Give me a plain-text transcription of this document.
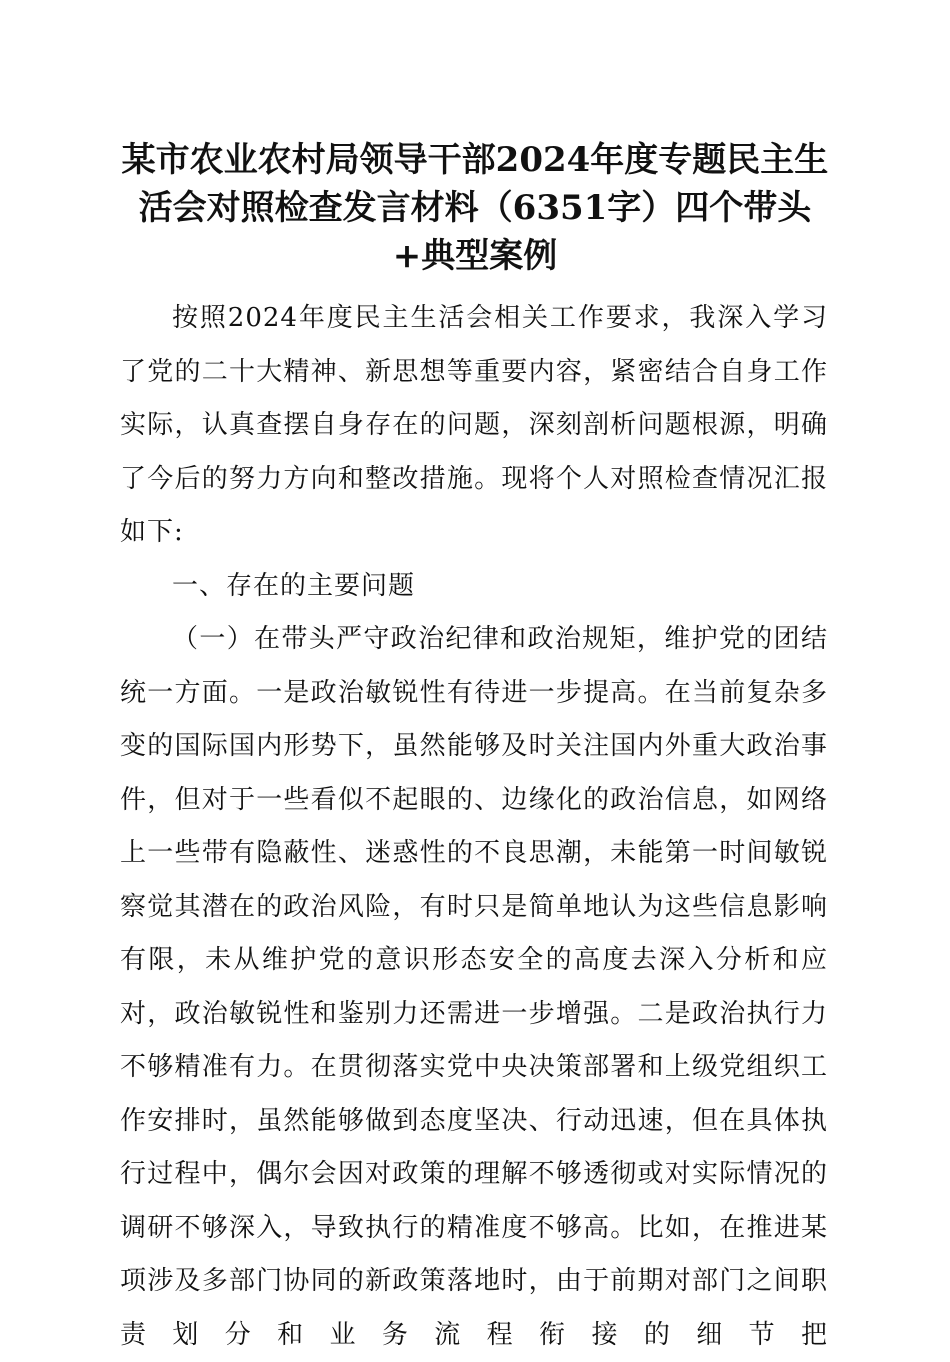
某市农业农村局领导干部2024年度专题民主生活会对照检查发言材料（6351字）四个带头+典型案例

按照2024年度民主生活会相关工作要求，我深入学习了党的二十大精神、新思想等重要内容，紧密结合自身工作实际，认真查摆自身存在的问题，深刻剖析问题根源，明确了今后的努力方向和整改措施。现将个人对照检查情况汇报如下:

一、存在的主要问题

（一）在带头严守政治纪律和政治规矩，维护党的团结统一方面。一是政治敏锐性有待进一步提高。在当前复杂多变的国际国内形势下，虽然能够及时关注国内外重大政治事件，但对于一些看似不起眼的、边缘化的政治信息，如网络上一些带有隐蔽性、迷惑性的不良思潮，未能第一时间敏锐察觉其潜在的政治风险，有时只是简单地认为这些信息影响有限，未从维护党的意识形态安全的高度去深入分析和应对，政治敏锐性和鉴别力还需进一步增强。二是政治执行力不够精准有力。在贯彻落实党中央决策部署和上级党组织工作安排时，虽然能够做到态度坚决、行动迅速，但在具体执行过程中，偶尔会因对政策的理解不够透彻或对实际情况的调研不够深入，导致执行的精准度不够高。比如，在推进某项涉及多部门协同的新政策落地时，由于前期对部门之间职责划分和业务流程衔接的细节把
